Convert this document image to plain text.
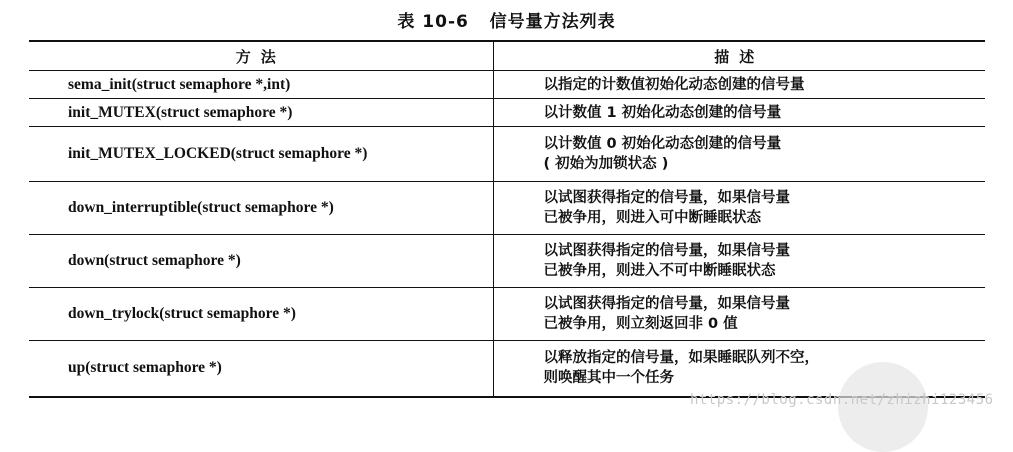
表 10-6   信号量方法列表
方法	描述
sema_init(struct semaphore *,int)	以指定的计数值初始化动态创建的信号量

init_MUTEX(struct semaphore *)	以计数值 1 初始化动态创建的信号量

init_MUTEX_LOCKED(struct semaphore *)	以计数值 0 初始化动态创建的信号量
( 初始为加锁状态 )

down_interruptible(struct semaphore *)	以试图获得指定的信号量，如果信号量
已被争用，则进入可中断睡眠状态

down(struct semaphore *)	以试图获得指定的信号量，如果信号量
已被争用，则进入不可中断睡眠状态

down_trylock(struct semaphore *)	以试图获得指定的信号量，如果信号量
已被争用，则立刻返回非 0 值

up(struct semaphore *)	以释放指定的信号量，如果睡眠队列不空，
则唤醒其中一个任务
https://blog.csdn.net/zhizhi123456
